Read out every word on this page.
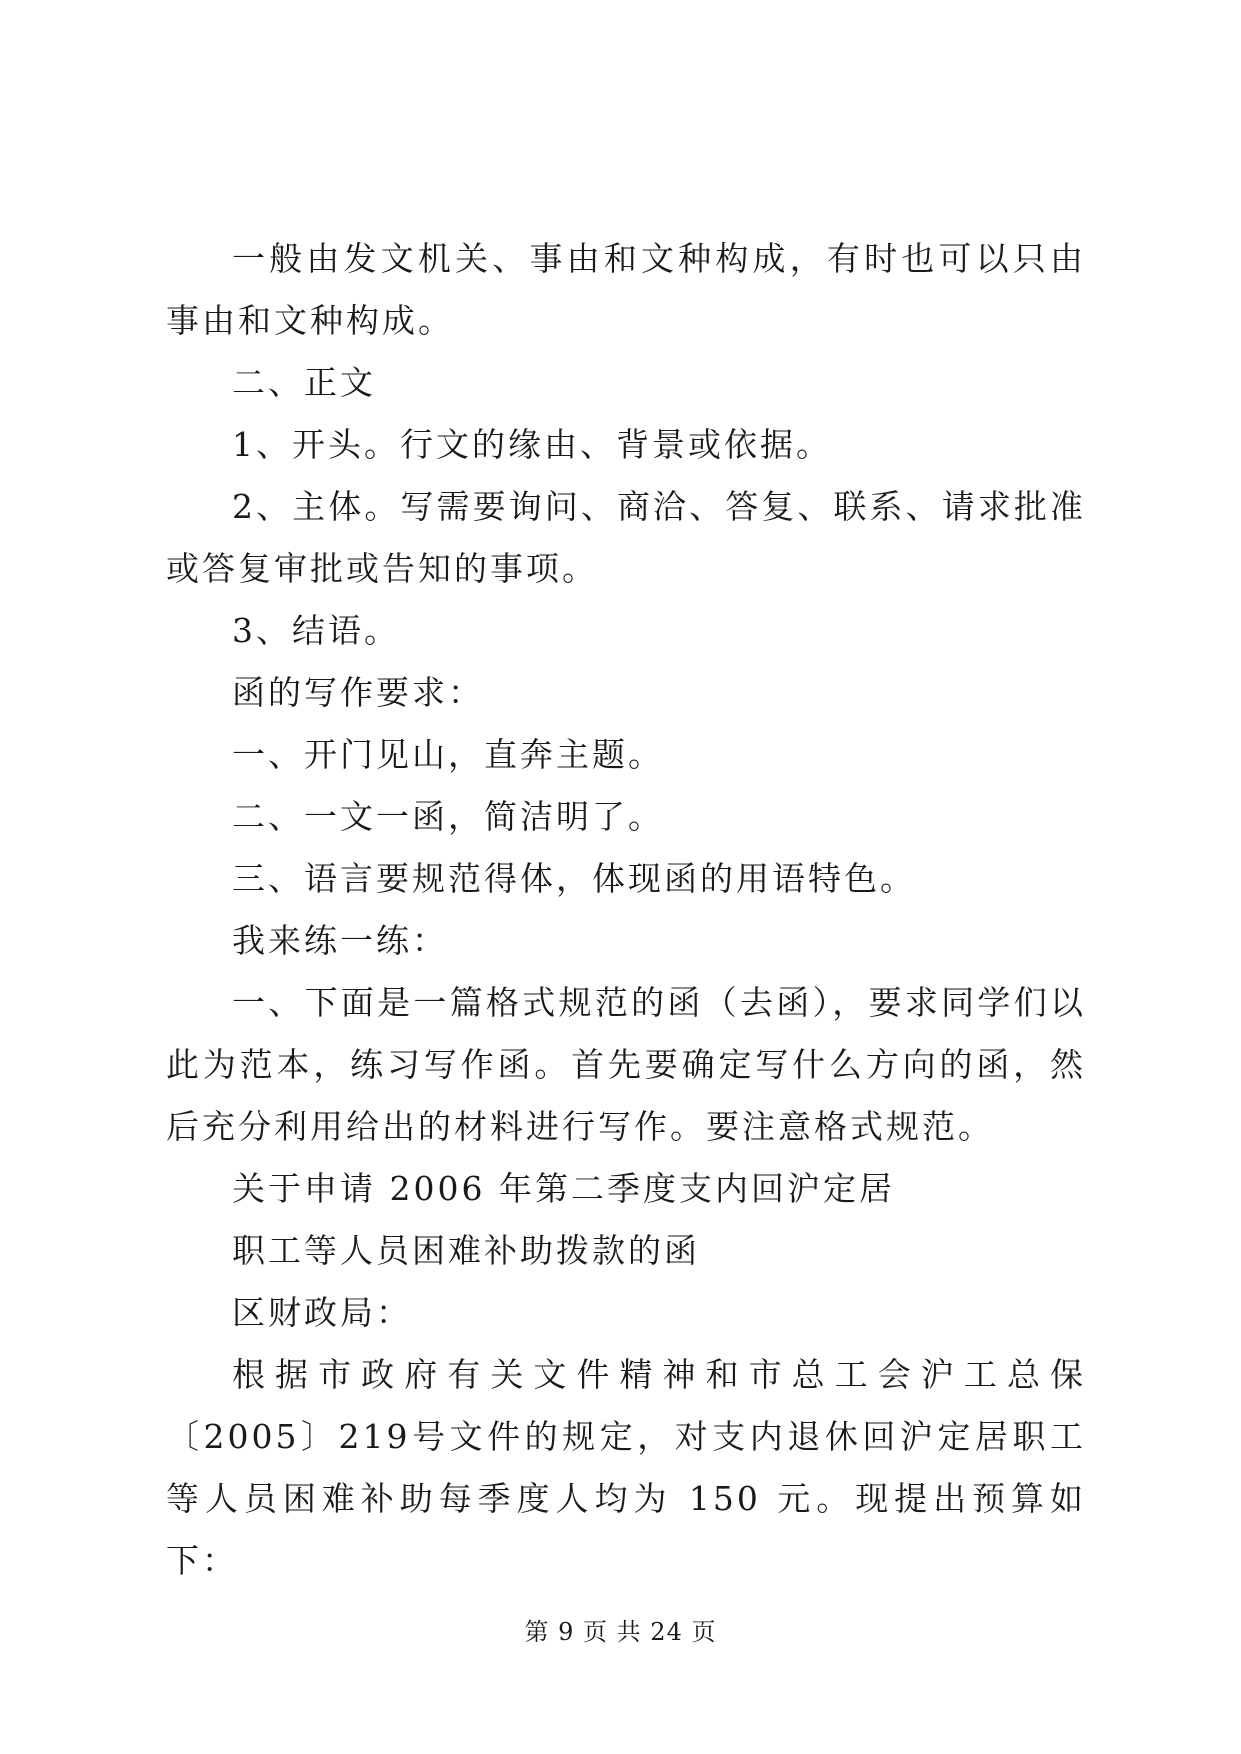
一般由发文机关、事由和文种构成，有时也可以只由事由和文种构成。

二、正文

1、开头。行文的缘由、背景或依据。

2、主体。写需要询问、商洽、答复、联系、请求批准或答复审批或告知的事项。

3、结语。

函的写作要求：

一、开门见山，直奔主题。

二、一文一函，简洁明了。

三、语言要规范得体，体现函的用语特色。

我来练一练：

一、下面是一篇格式规范的函（去函），要求同学们以此为范本，练习写作函。首先要确定写什么方向的函，然后充分利用给出的材料进行写作。要注意格式规范。

关于申请 2006 年第二季度支内回沪定居

职工等人员困难补助拨款的函

区财政局：

根据市政府有关文件精神和市总工会沪工总保〔2005〕219号文件的规定，对支内退休回沪定居职工等人员困难补助每季度人均为 150 元。现提出预算如下：

第 9 页 共 24 页
